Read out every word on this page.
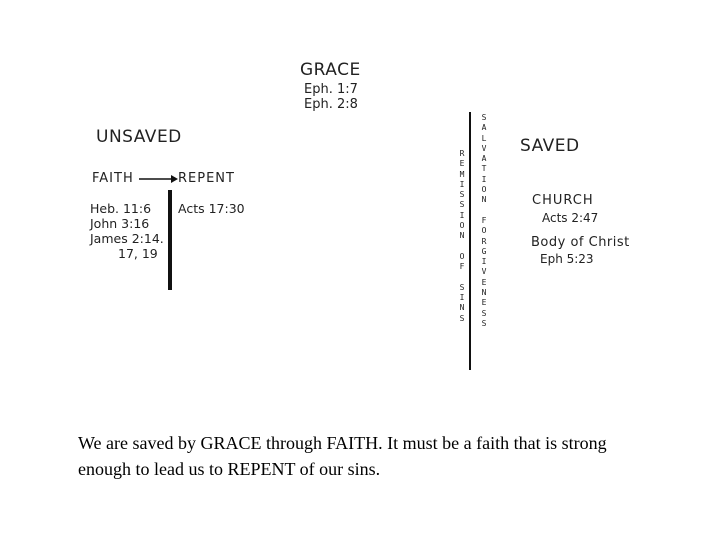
GRACE
Eph. 1:7
Eph. 2:8
UNSAVED
FAITH	REPENT
Heb. 11:6
John 3:16
James 2:14.
17, 19
Acts 17:30
R
E
M
I
S
S
I
O
N

O
F

S
I
N
S
S
A
L
V
A
T
I
O
N

F
O
R
G
I
V
E
N
E
S
S
SAVED
CHURCH
Acts 2:47
Body of Christ
Eph 5:23
We are saved by GRACE through FAITH. It must be a faith that is strong enough to lead us to REPENT of our sins.
